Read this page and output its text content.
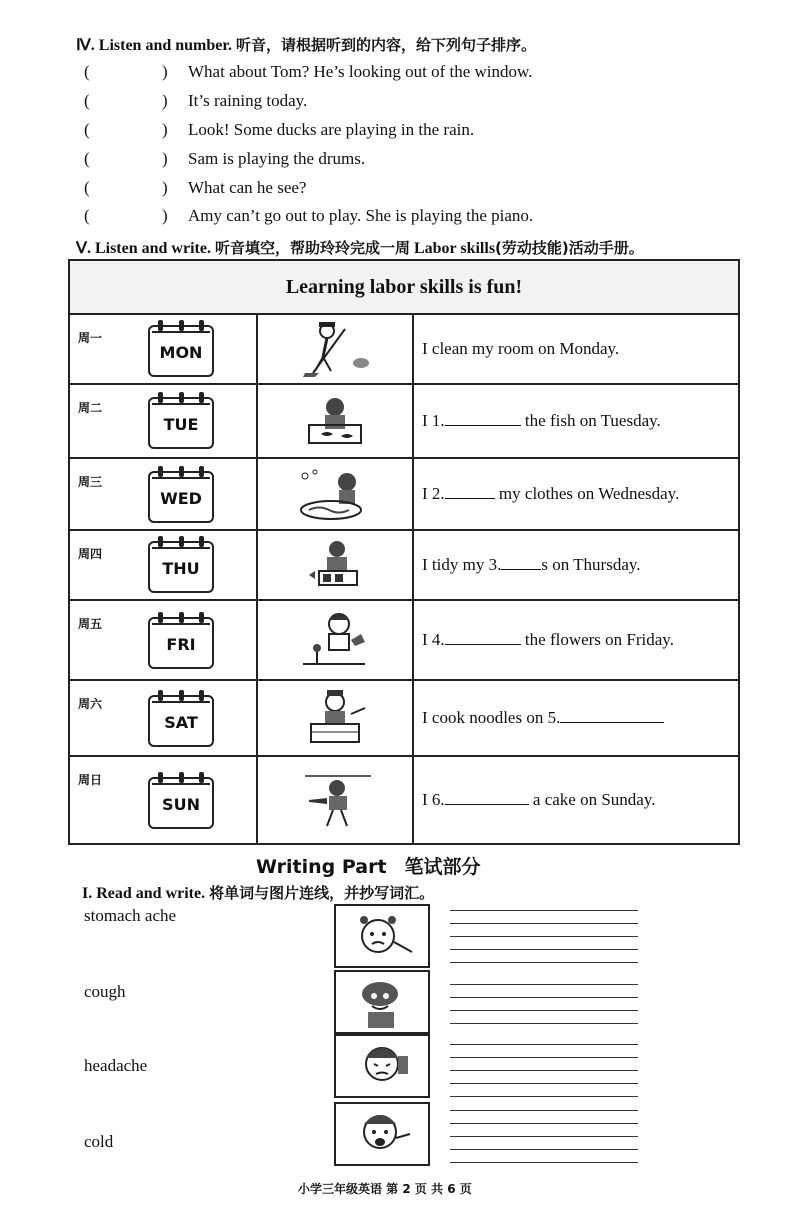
Ⅳ. Listen and number. 听音，请根据听到的内容，给下列句子排序。
(	) What about Tom? He’s looking out of the window.
(	) It’s raining today.
(	) Look! Some ducks are playing in the rain.
(	) Sam is playing the drums.
(	) What can he see?
(	) Amy can’t go out to play. She is playing the piano.
Ⅴ. Listen and write. 听音填空，帮助玲玲完成一周 Labor skills(劳动技能)活动手册。
Learning labor skills is fun!		

周一
MON		I clean my room on Monday.

周二
TUE		I 1. the fish on Tuesday.

周三
WED		I 2. my clothes on Wednesday.

周四
THU		I tidy my 3. s on Thursday.

周五
FRI		I 4. the flowers on Friday.

周六
SAT		I cook noodles on 5.

周日
SUN		I 6. a cake on Sunday.
Writing Part 笔试部分
I. Read and write. 将单词与图片连线，并抄写词汇。
stomach ache
cough
headache
cold
小学三年级英语 第 2 页 共 6 页
